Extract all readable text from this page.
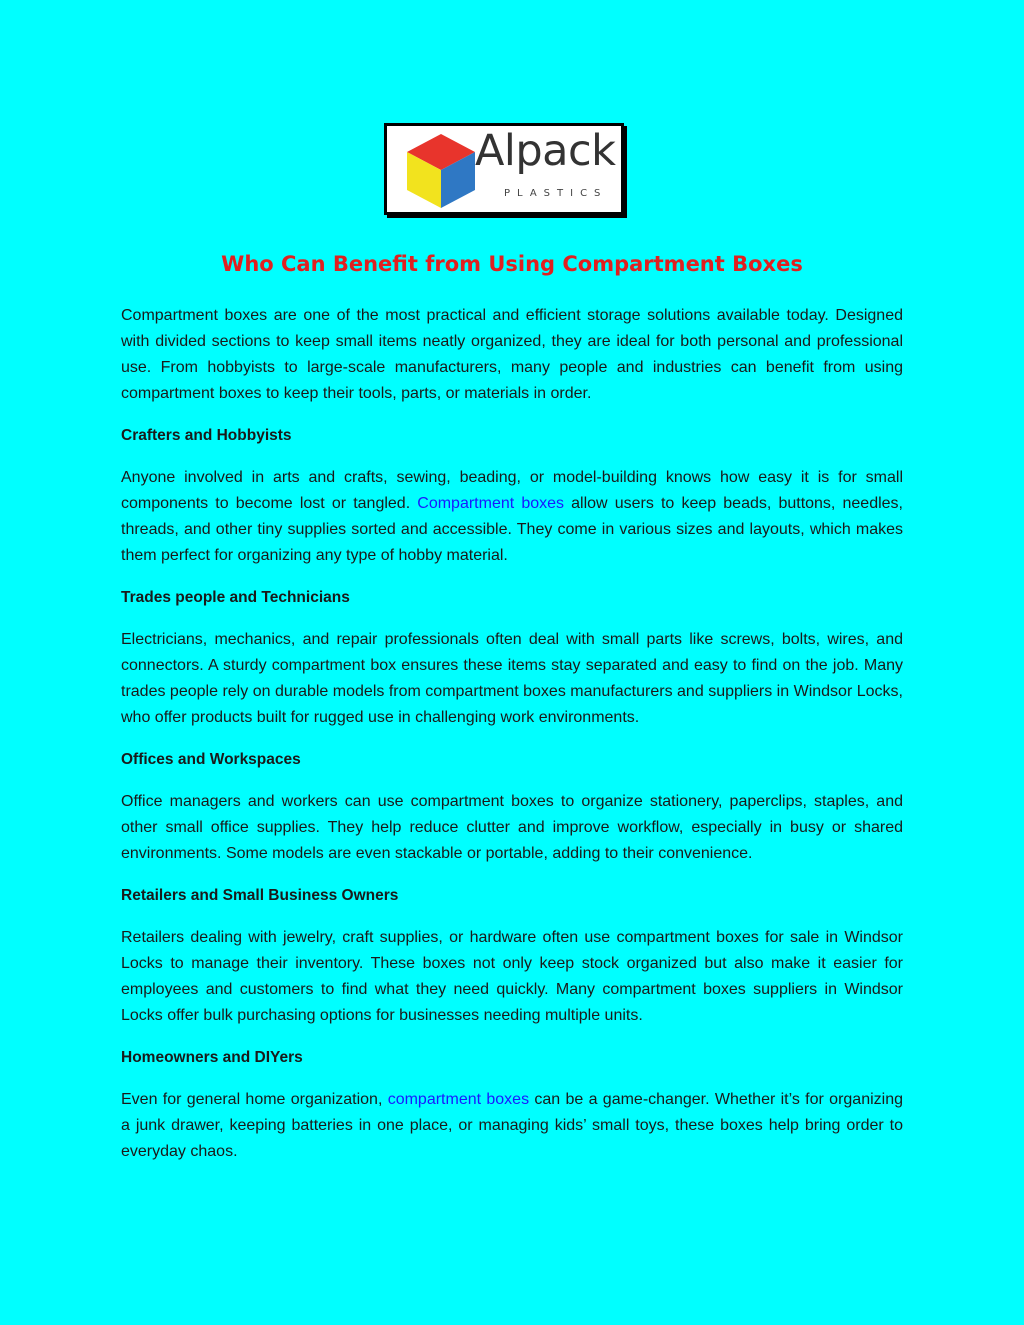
Alpack
PLASTICS
Who Can Benefit from Using Compartment Boxes

Compartment boxes are one of the most practical and efficient storage solutions available today. Designed with divided sections to keep small items neatly organized, they are ideal for both personal and professional use. From hobbyists to large-scale manufacturers, many people and industries can benefit from using compartment boxes to keep their tools, parts, or materials in order.

Crafters and Hobbyists

Anyone involved in arts and crafts, sewing, beading, or model-building knows how easy it is for small components to become lost or tangled. Compartment boxes allow users to keep beads, buttons, needles, threads, and other tiny supplies sorted and accessible. They come in various sizes and layouts, which makes them perfect for organizing any type of hobby material.

Trades people and Technicians

Electricians, mechanics, and repair professionals often deal with small parts like screws, bolts, wires, and connectors. A sturdy compartment box ensures these items stay separated and easy to find on the job. Many trades people rely on durable models from compartment boxes manufacturers and suppliers in Windsor Locks, who offer products built for rugged use in challenging work environments.

Offices and Workspaces

Office managers and workers can use compartment boxes to organize stationery, paperclips, staples, and other small office supplies. They help reduce clutter and improve workflow, especially in busy or shared environments. Some models are even stackable or portable, adding to their convenience.

Retailers and Small Business Owners

Retailers dealing with jewelry, craft supplies, or hardware often use compartment boxes for sale in Windsor Locks to manage their inventory. These boxes not only keep stock organized but also make it easier for employees and customers to find what they need quickly. Many compartment boxes suppliers in Windsor Locks offer bulk purchasing options for businesses needing multiple units.

Homeowners and DIYers

Even for general home organization, compartment boxes can be a game-changer. Whether it’s for organizing a junk drawer, keeping batteries in one place, or managing kids’ small toys, these boxes help bring order to everyday chaos.
